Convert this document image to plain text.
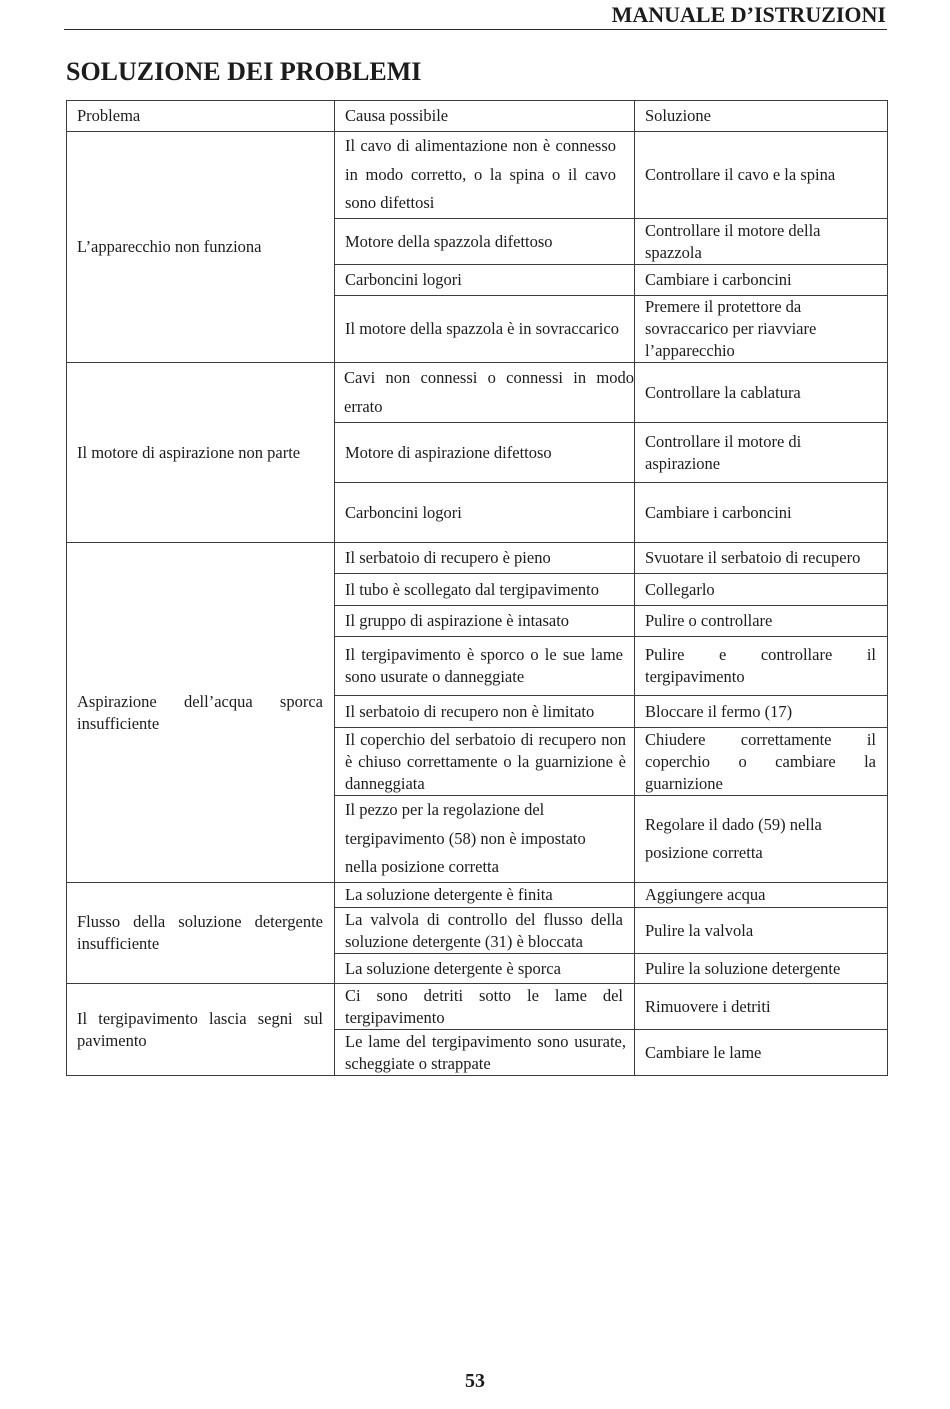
MANUALE D’ISTRUZIONI
SOLUZIONE DEI PROBLEMI
Problema	Causa possibile	Soluzione
L’apparecchio non funziona	Il cavo di alimentazione non è connesso in modo corretto, o la spina o il cavo sono difettosi	Controllare il cavo e la spina
	Motore della spazzola difettoso	Controllare il motore della spazzola
	Carboncini logori	Cambiare i carboncini
	Il motore della spazzola è in sovraccarico	Premere il protettore da sovraccarico per riavviare l’apparecchio
Il motore di aspirazione non parte	Cavi non connessi o connessi in modo errato	Controllare la cablatura
	Motore di aspirazione difettoso	Controllare il motore di aspirazione
	Carboncini logori	Cambiare i carboncini
Aspirazione dell’acqua sporca insufficiente	Il serbatoio di recupero è pieno	Svuotare il serbatoio di recupero
	Il tubo è scollegato dal tergipavimento	Collegarlo
	Il gruppo di aspirazione è intasato	Pulire o controllare
	Il tergipavimento è sporco o le sue lame sono usurate o danneggiate	Pulire e controllare il tergipavimento
	Il serbatoio di recupero non è limitato	Bloccare il fermo (17)
	Il coperchio del serbatoio di recupero non è chiuso correttamente o la guarnizione è danneggiata	Chiudere correttamente il coperchio o cambiare la guarnizione
	Il pezzo per la regolazione del tergipavimento (58) non è impostato nella posizione corretta	Regolare il dado (59) nella posizione corretta
Flusso della soluzione detergente insufficiente	La soluzione detergente è finita	Aggiungere acqua
	La valvola di controllo del flusso della soluzione detergente (31) è bloccata	Pulire la valvola
	La soluzione detergente è sporca	Pulire la soluzione detergente
Il tergipavimento lascia segni sul pavimento	Ci sono detriti sotto le lame del tergipavimento	Rimuovere i detriti
	Le lame del tergipavimento sono usurate, scheggiate o strappate	Cambiare le lame
53
